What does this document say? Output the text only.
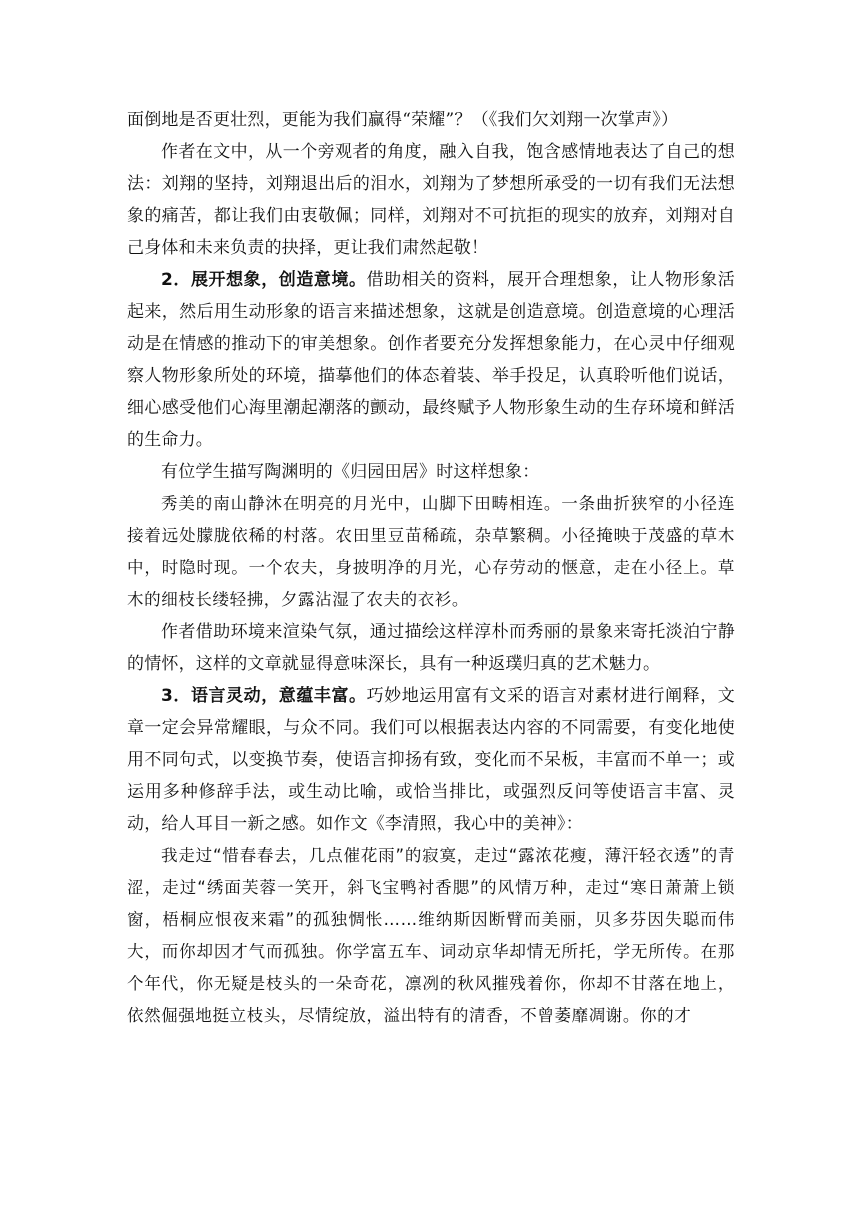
面倒地是否更壮烈，更能为我们赢得“荣耀”？（《我们欠刘翔一次掌声》）

作者在文中，从一个旁观者的角度，融入自我，饱含感情地表达了自己的想法：刘翔的坚持，刘翔退出后的泪水，刘翔为了梦想所承受的一切有我们无法想象的痛苦，都让我们由衷敬佩；同样，刘翔对不可抗拒的现实的放弃，刘翔对自己身体和未来负责的抉择，更让我们肃然起敬！

2．展开想象，创造意境。借助相关的资料，展开合理想象，让人物形象活起来，然后用生动形象的语言来描述想象，这就是创造意境。创造意境的心理活动是在情感的推动下的审美想象。创作者要充分发挥想象能力，在心灵中仔细观察人物形象所处的环境，描摹他们的体态着装、举手投足，认真聆听他们说话，细心感受他们心海里潮起潮落的颤动，最终赋予人物形象生动的生存环境和鲜活的生命力。

有位学生描写陶渊明的《归园田居》时这样想象：

秀美的南山静沐在明亮的月光中，山脚下田畴相连。一条曲折狭窄的小径连接着远处朦胧依稀的村落。农田里豆苗稀疏，杂草繁稠。小径掩映于茂盛的草木中，时隐时现。一个农夫，身披明净的月光，心存劳动的惬意，走在小径上。草木的细枝长缕轻拂，夕露沾湿了农夫的衣衫。

作者借助环境来渲染气氛，通过描绘这样淳朴而秀丽的景象来寄托淡泊宁静的情怀，这样的文章就显得意味深长，具有一种返璞归真的艺术魅力。

3．语言灵动，意蕴丰富。巧妙地运用富有文采的语言对素材进行阐释，文章一定会异常耀眼，与众不同。我们可以根据表达内容的不同需要，有变化地使用不同句式，以变换节奏，使语言抑扬有致，变化而不呆板，丰富而不单一；或运用多种修辞手法，或生动比喻，或恰当排比，或强烈反问等使语言丰富、灵动，给人耳目一新之感。如作文《李清照，我心中的美神》：

我走过“惜春春去，几点催花雨”的寂寞，走过“露浓花瘦，薄汗轻衣透”的青涩，走过“绣面芙蓉一笑开，斜飞宝鸭衬香腮”的风情万种，走过“寒日萧萧上锁窗，梧桐应恨夜来霜”的孤独惆怅……维纳斯因断臂而美丽，贝多芬因失聪而伟大，而你却因才气而孤独。你学富五车、词动京华却情无所托，学无所传。在那个年代，你无疑是枝头的一朵奇花，凛冽的秋风摧残着你，你却不甘落在地上，依然倔强地挺立枝头，尽情绽放，溢出特有的清香，不曾萎靡凋谢。你的才
